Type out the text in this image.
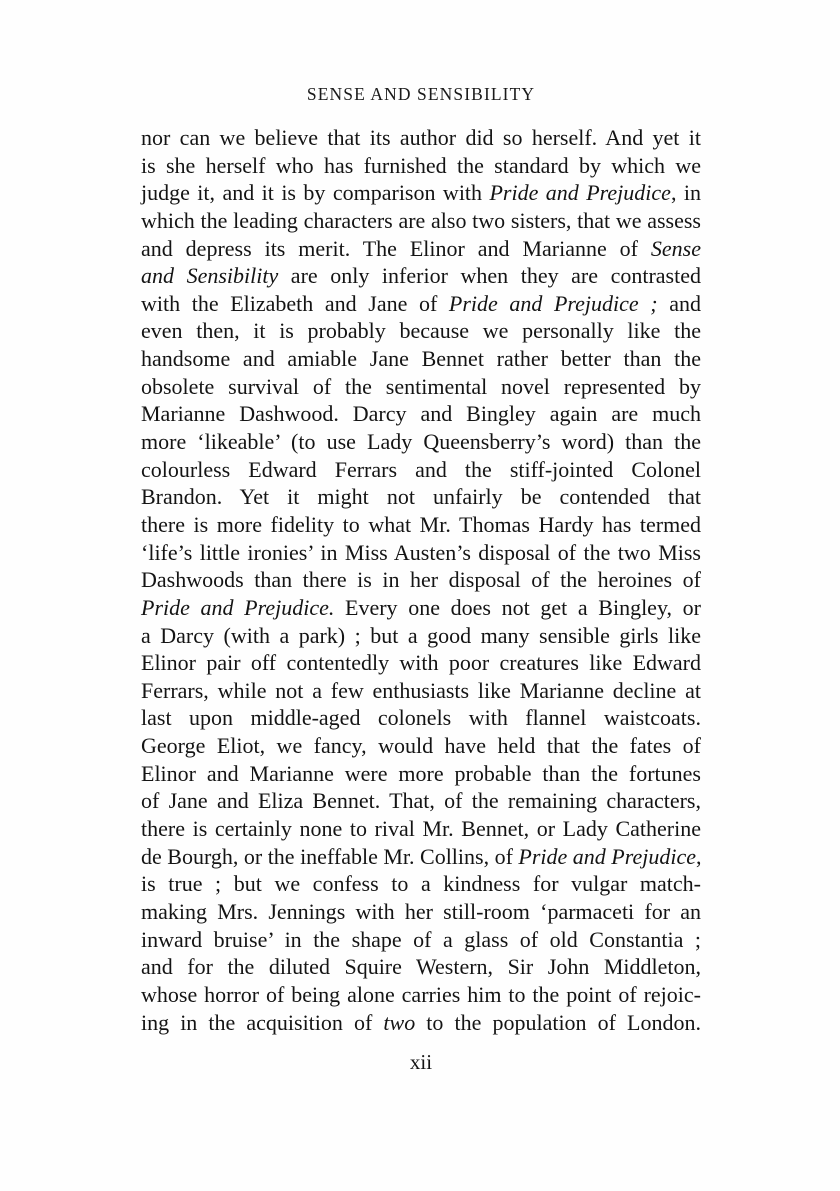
SENSE AND SENSIBILITY
nor can we believe that its author did so herself. And yet it
is she herself who has furnished the standard by which we
judge it, and it is by comparison with Pride and Prejudice, in
which the leading characters are also two sisters, that we assess
and depress its merit. The Elinor and Marianne of Sense
and Sensibility are only inferior when they are contrasted
with the Elizabeth and Jane of Pride and Prejudice ; and
even then, it is probably because we personally like the
handsome and amiable Jane Bennet rather better than the
obsolete survival of the sentimental novel represented by
Marianne Dashwood. Darcy and Bingley again are much
more ‘likeable’ (to use Lady Queensberry’s word) than the
colourless Edward Ferrars and the stiff-jointed Colonel
Brandon. Yet it might not unfairly be contended that
there is more fidelity to what Mr. Thomas Hardy has termed
‘life’s little ironies’ in Miss Austen’s disposal of the two Miss
Dashwoods than there is in her disposal of the heroines of
Pride and Prejudice. Every one does not get a Bingley, or
a Darcy (with a park) ; but a good many sensible girls like
Elinor pair off contentedly with poor creatures like Edward
Ferrars, while not a few enthusiasts like Marianne decline at
last upon middle-aged colonels with flannel waistcoats.
George Eliot, we fancy, would have held that the fates of
Elinor and Marianne were more probable than the fortunes
of Jane and Eliza Bennet. That, of the remaining characters,
there is certainly none to rival Mr. Bennet, or Lady Catherine
de Bourgh, or the ineffable Mr. Collins, of Pride and Prejudice,
is true ; but we confess to a kindness for vulgar match-
making Mrs. Jennings with her still-room ‘parmaceti for an
inward bruise’ in the shape of a glass of old Constantia ;
and for the diluted Squire Western, Sir John Middleton,
whose horror of being alone carries him to the point of rejoic-
ing in the acquisition of two to the population of London.
xii
